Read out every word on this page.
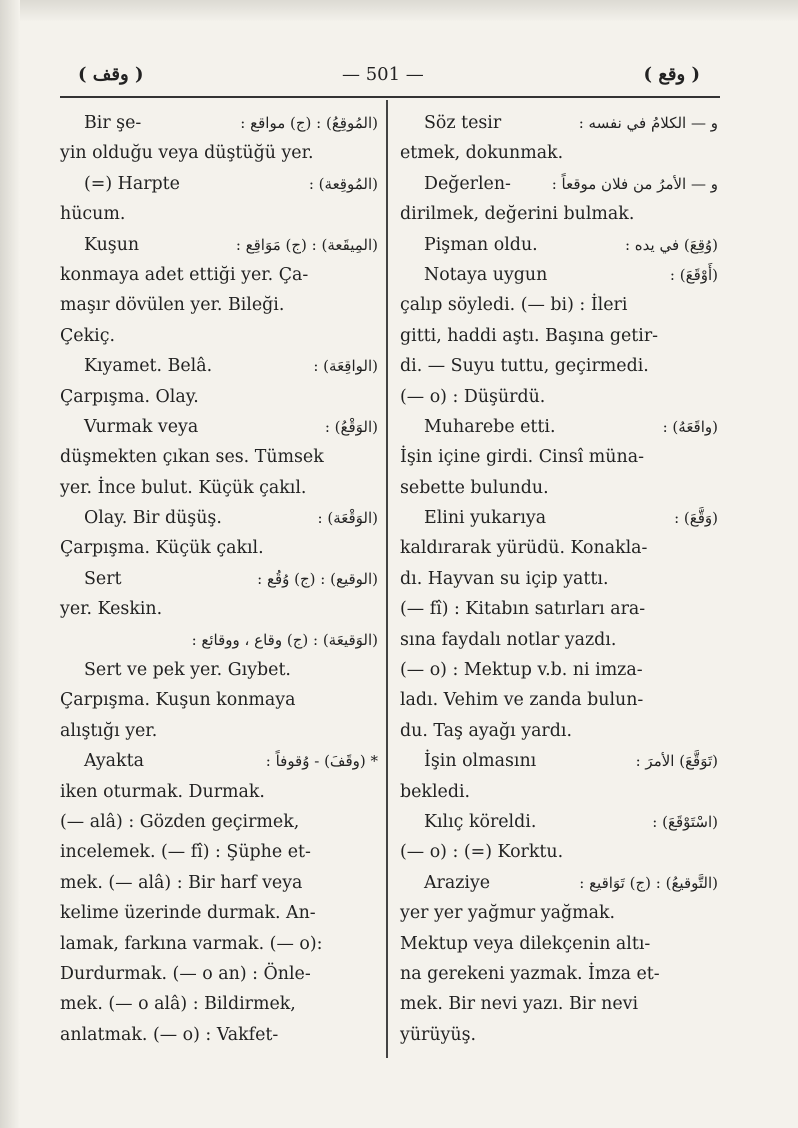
( وقف )	— 501 —	( وقع )
Bir şe-	(المُوقِعُ) : (ج) مواقع :
yin olduğu veya düştüğü yer.
(=) Harpte	(المُوقِعة) :
hücum.
Kuşun	(المِيقَعة) : (ج) مَوَاقِع :
konmaya adet ettiği yer. Ça-
maşır dövülen yer. Bileği.
Çekiç.
Kıyamet. Belâ.	(الواقِعَة) :
Çarpışma. Olay.
Vurmak veya	(الوَقْعُ) :
düşmekten çıkan ses. Tümsek
yer. İnce bulut. Küçük çakıl.
Olay. Bir düşüş.	(الوَقْعَة) :
Çarpışma. Küçük çakıl.
Sert	(الوقيع) : (ج) وُقُع :
yer. Keskin.
(الوَقيعَة) : (ج) وقاع ، ووقائع :
Sert ve pek yer. Gıybet.
Çarpışma. Kuşun konmaya
alıştığı yer.
Ayakta	* (وقَفَ) - وُقوفاً :
iken oturmak. Durmak.
(— alâ) : Gözden geçirmek,
incelemek. (— fî) : Şüphe et-
mek. (— alâ) : Bir harf veya
kelime üzerinde durmak. An-
lamak, farkına varmak. (— o):
Durdurmak. (— o an) : Önle-
mek. (— o alâ) : Bildirmek,
anlatmak. (— o) : Vakfet-
Söz tesir	و — الكلامُ في نفسه :
etmek, dokunmak.
Değerlen-	و — الأمرُ من فلان موقعاً :
dirilmek, değerini bulmak.
Pişman oldu.	(وُقِعَ) في يده :
Notaya uygun	(أَوْقَعَ) :
çalıp söyledi. (— bi) : İleri
gitti, haddi aştı. Başına getir-
di. — Suyu tuttu, geçirmedi.
(— o) : Düşürdü.
Muharebe etti.	(واقَعَهُ) :
İşin içine girdi. Cinsî müna-
sebette bulundu.
Elini yukarıya	(وَقَّعَ) :
kaldırarak yürüdü. Konakla-
dı. Hayvan su içip yattı.
(— fî) : Kitabın satırları ara-
sına faydalı notlar yazdı.
(— o) : Mektup v.b. ni imza-
ladı. Vehim ve zanda bulun-
du. Taş ayağı yardı.
İşin olmasını	(تَوَقَّعَ) الأمرَ :
bekledi.
Kılıç köreldi.	(اسْتَوْقَعَ) :
(— o) : (=) Korktu.
Araziye	(التَّوقيعُ) : (ج) تَوَاقيع :
yer yer yağmur yağmak.
Mektup veya dilekçenin altı-
na gerekeni yazmak. İmza et-
mek. Bir nevi yazı. Bir nevi
yürüyüş.
